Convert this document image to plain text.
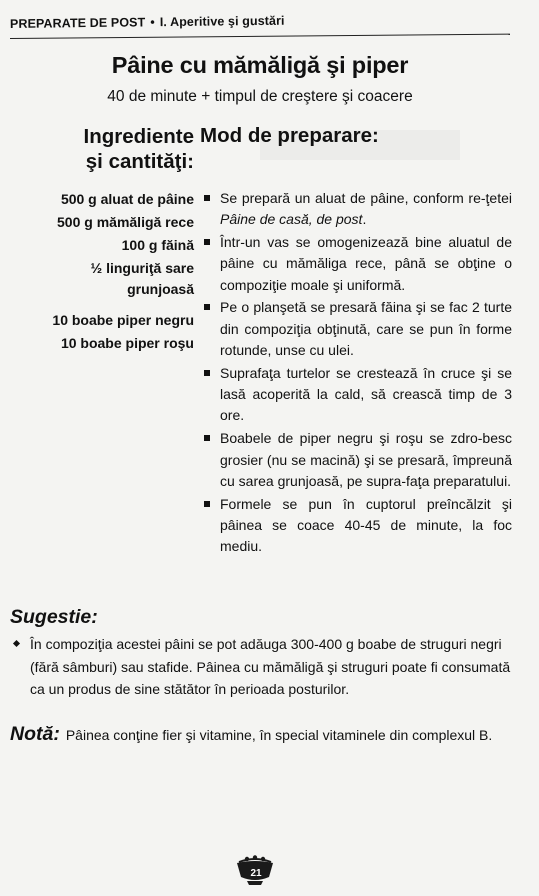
PREPARATE DE POST • I. Aperitive şi gustări
Pâine cu mămăligă şi piper
40 de minute + timpul de creştere şi coacere
Ingrediente
şi cantităţi:
500 g aluat de pâine
500 g mămăligă rece
100 g făină
½ linguriţă sare
grunjoasă
10 boabe piper negru
10 boabe piper roşu
Mod de preparare:
Se prepară un aluat de pâine, conform re-ţetei Pâine de casă, de post.
Într-un vas se omogenizează bine aluatul de pâine cu mămăliga rece, până se obţine o compoziţie moale şi uniformă.
Pe o planşetă se presară făina şi se fac 2 turte din compoziţia obţinută, care se pun în forme rotunde, unse cu ulei.
Suprafaţa turtelor se crestează în cruce şi se lasă acoperită la cald, să crească timp de 3 ore.
Boabele de piper negru şi roşu se zdro-besc grosier (nu se macină) şi se presară, împreună cu sarea grunjoasă, pe supra-faţa preparatului.
Formele se pun în cuptorul preîncălzit şi pâinea se coace 40-45 de minute, la foc mediu.
Sugestie:
În compoziţia acestei pâini se pot adăuga 300-400 g boabe de struguri negri (fără sâmburi) sau stafide. Pâinea cu mămăligă şi struguri poate fi consumată ca un produs de sine stătător în perioada posturilor.
Notă: Pâinea conţine fier şi vitamine, în special vitaminele din complexul B.
21
